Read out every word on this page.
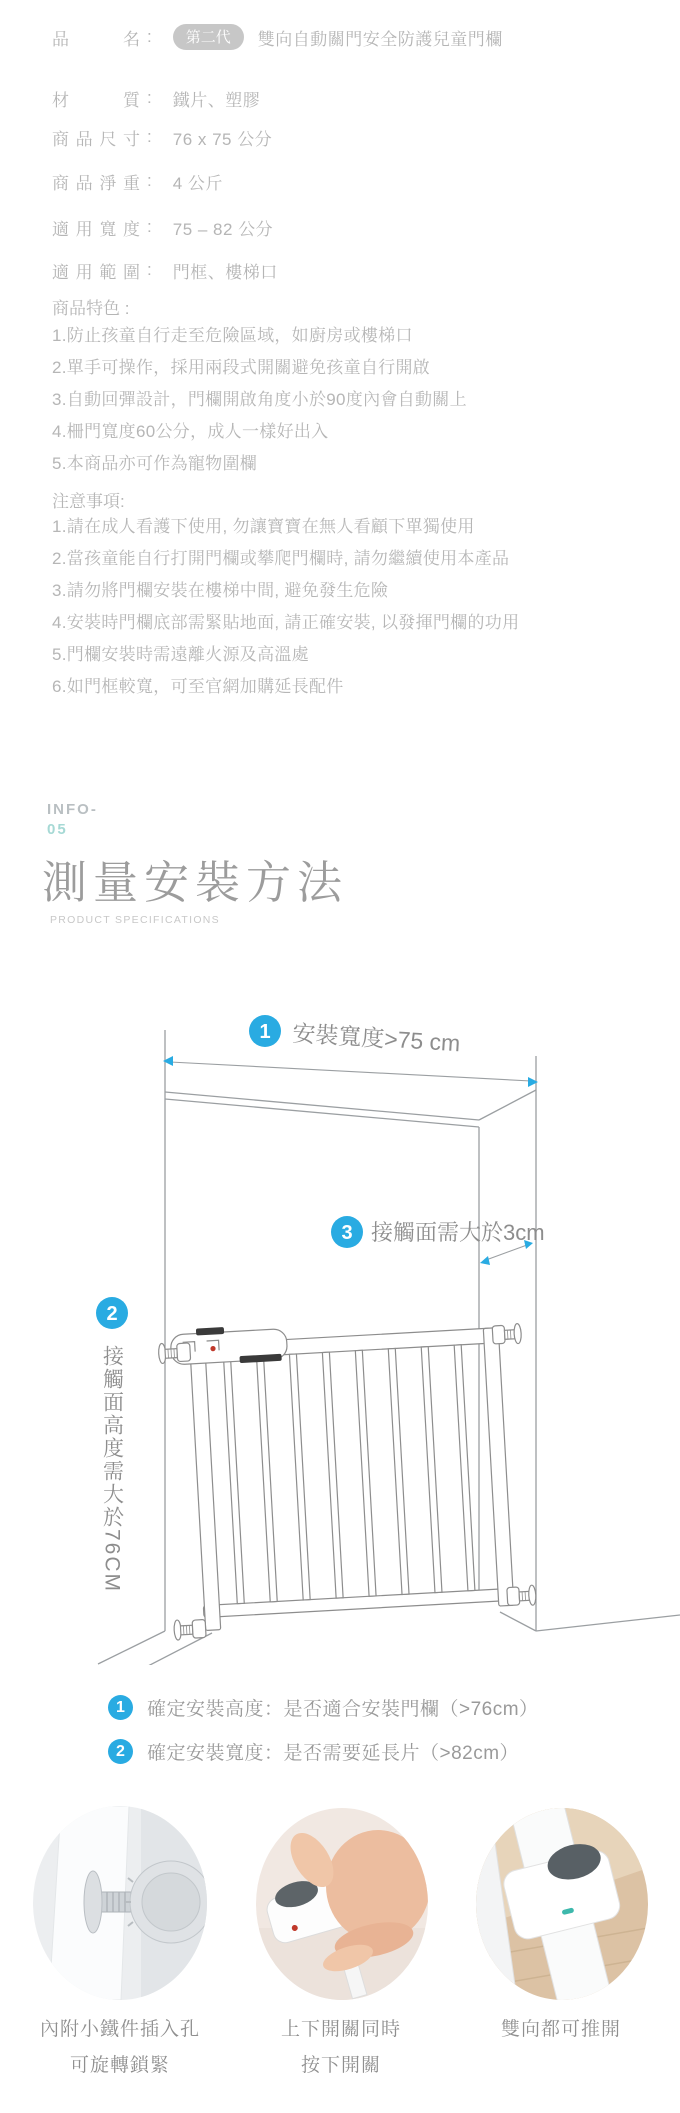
品名 :	第二代	雙向自動關門安全防護兒童門欄
材質 : 鐵片、塑膠
商品尺寸 : 76 x 75 公分
商品淨重 : 4 公斤
適用寬度 : 75 – 82 公分
適用範圍 : 門框、樓梯口
商品特色 :
1.防止孩童自行走至危險區域，如廚房或樓梯口
2.單手可操作，採用兩段式開關避免孩童自行開啟
3.自動回彈設計，門欄開啟角度小於90度內會自動關上
4.柵門寬度60公分，成人一樣好出入
5.本商品亦可作為寵物圍欄
注意事項:
1.請在成人看護下使用, 勿讓寶寶在無人看顧下單獨使用
2.當孩童能自行打開門欄或攀爬門欄時, 請勿繼續使用本產品
3.請勿將門欄安裝在樓梯中間, 避免發生危險
4.安裝時門欄底部需緊貼地面, 請正確安裝, 以發揮門欄的功用
5.門欄安裝時需遠離火源及高溫處
6.如門框較寬，可至官網加購延長配件
INFO-
05
測量安裝方法
PRODUCT SPECIFICATIONS
1 安裝寬度>75 cm
3 接觸面需大於3cm
2
接觸面高度需大於76CM
1	確定安裝高度：是否適合安裝門欄（>76cm）
2	確定安裝寬度：是否需要延長片（>82cm）
內附小鐵件插入孔
可旋轉鎖緊
上下開關同時
按下開關
雙向都可推開
